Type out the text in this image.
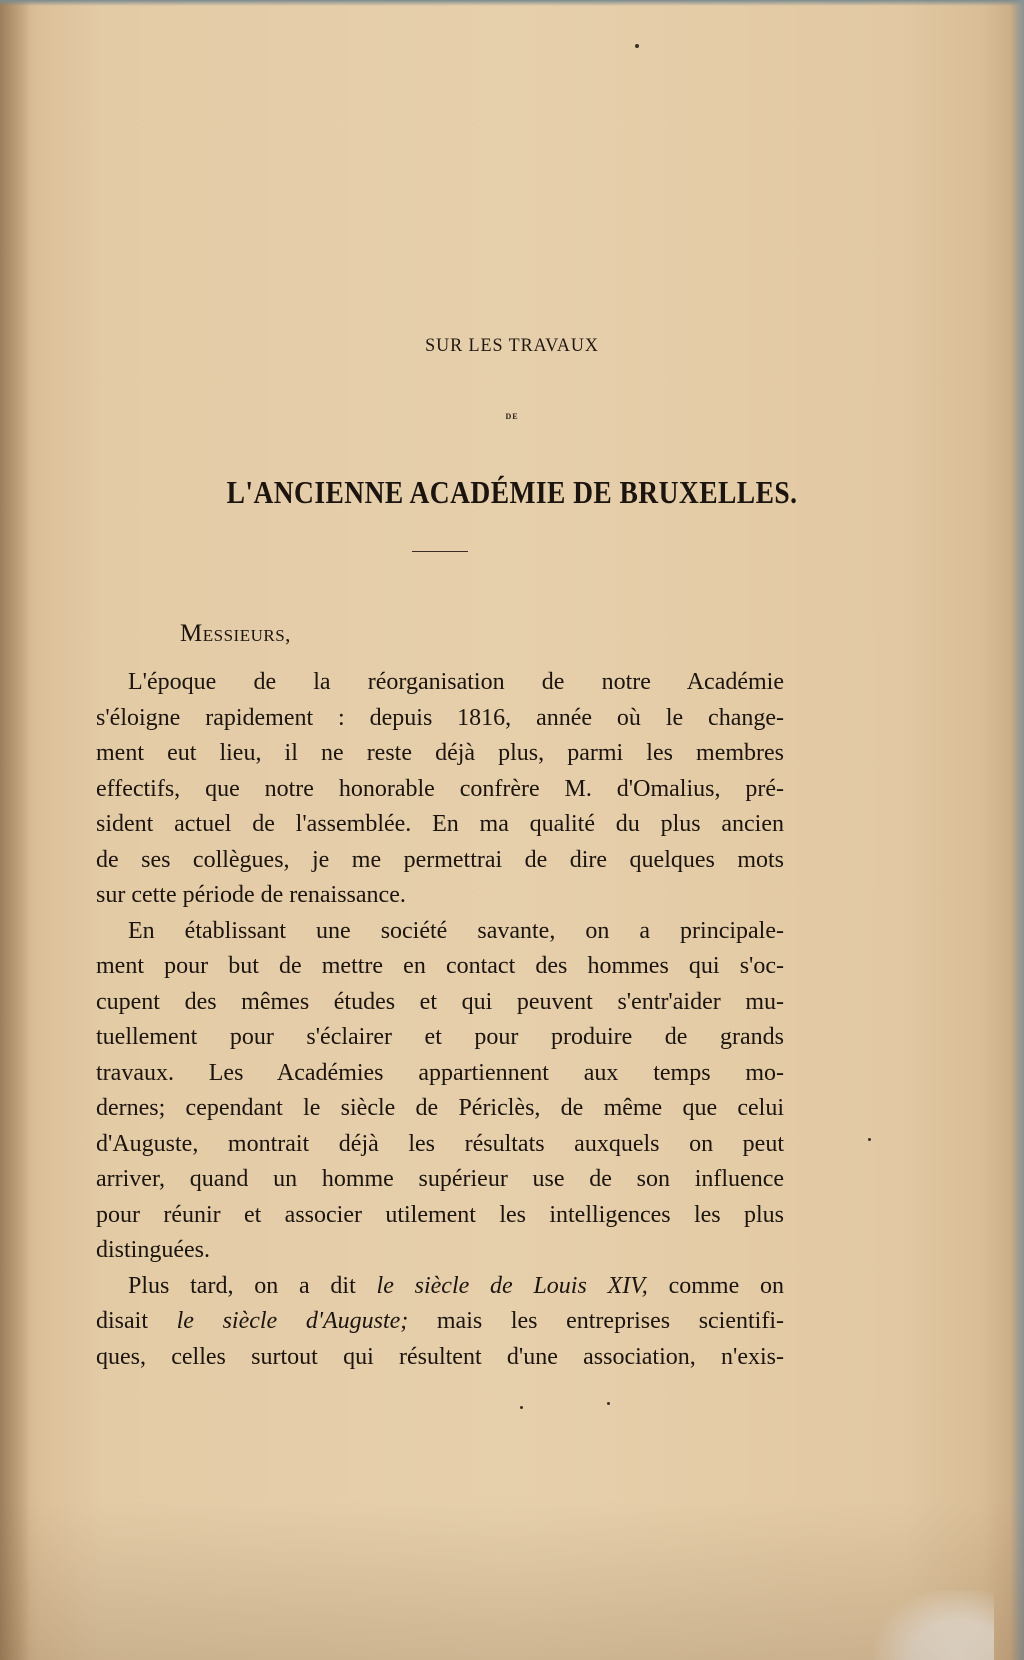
SUR LES TRAVAUX
DE
L'ANCIENNE ACADÉMIE DE BRUXELLES.
MESSIEURS,
L'époque de la réorganisation de notre Académie
s'éloigne rapidement : depuis 1816, année où le change-
ment eut lieu, il ne reste déjà plus, parmi les membres
effectifs, que notre honorable confrère M. d'Omalius, pré-
sident actuel de l'assemblée. En ma qualité du plus ancien
de ses collègues, je me permettrai de dire quelques mots
sur cette période de renaissance.
En établissant une société savante, on a principale-
ment pour but de mettre en contact des hommes qui s'oc-
cupent des mêmes études et qui peuvent s'entr'aider mu-
tuellement pour s'éclairer et pour produire de grands
travaux. Les Académies appartiennent aux temps mo-
dernes; cependant le siècle de Périclès, de même que celui
d'Auguste, montrait déjà les résultats auxquels on peut
arriver, quand un homme supérieur use de son influence
pour réunir et associer utilement les intelligences les plus
distinguées.
Plus tard, on a dit le siècle de Louis XIV, comme on
disait le siècle d'Auguste; mais les entreprises scientifi-
ques, celles surtout qui résultent d'une association, n'exis-
